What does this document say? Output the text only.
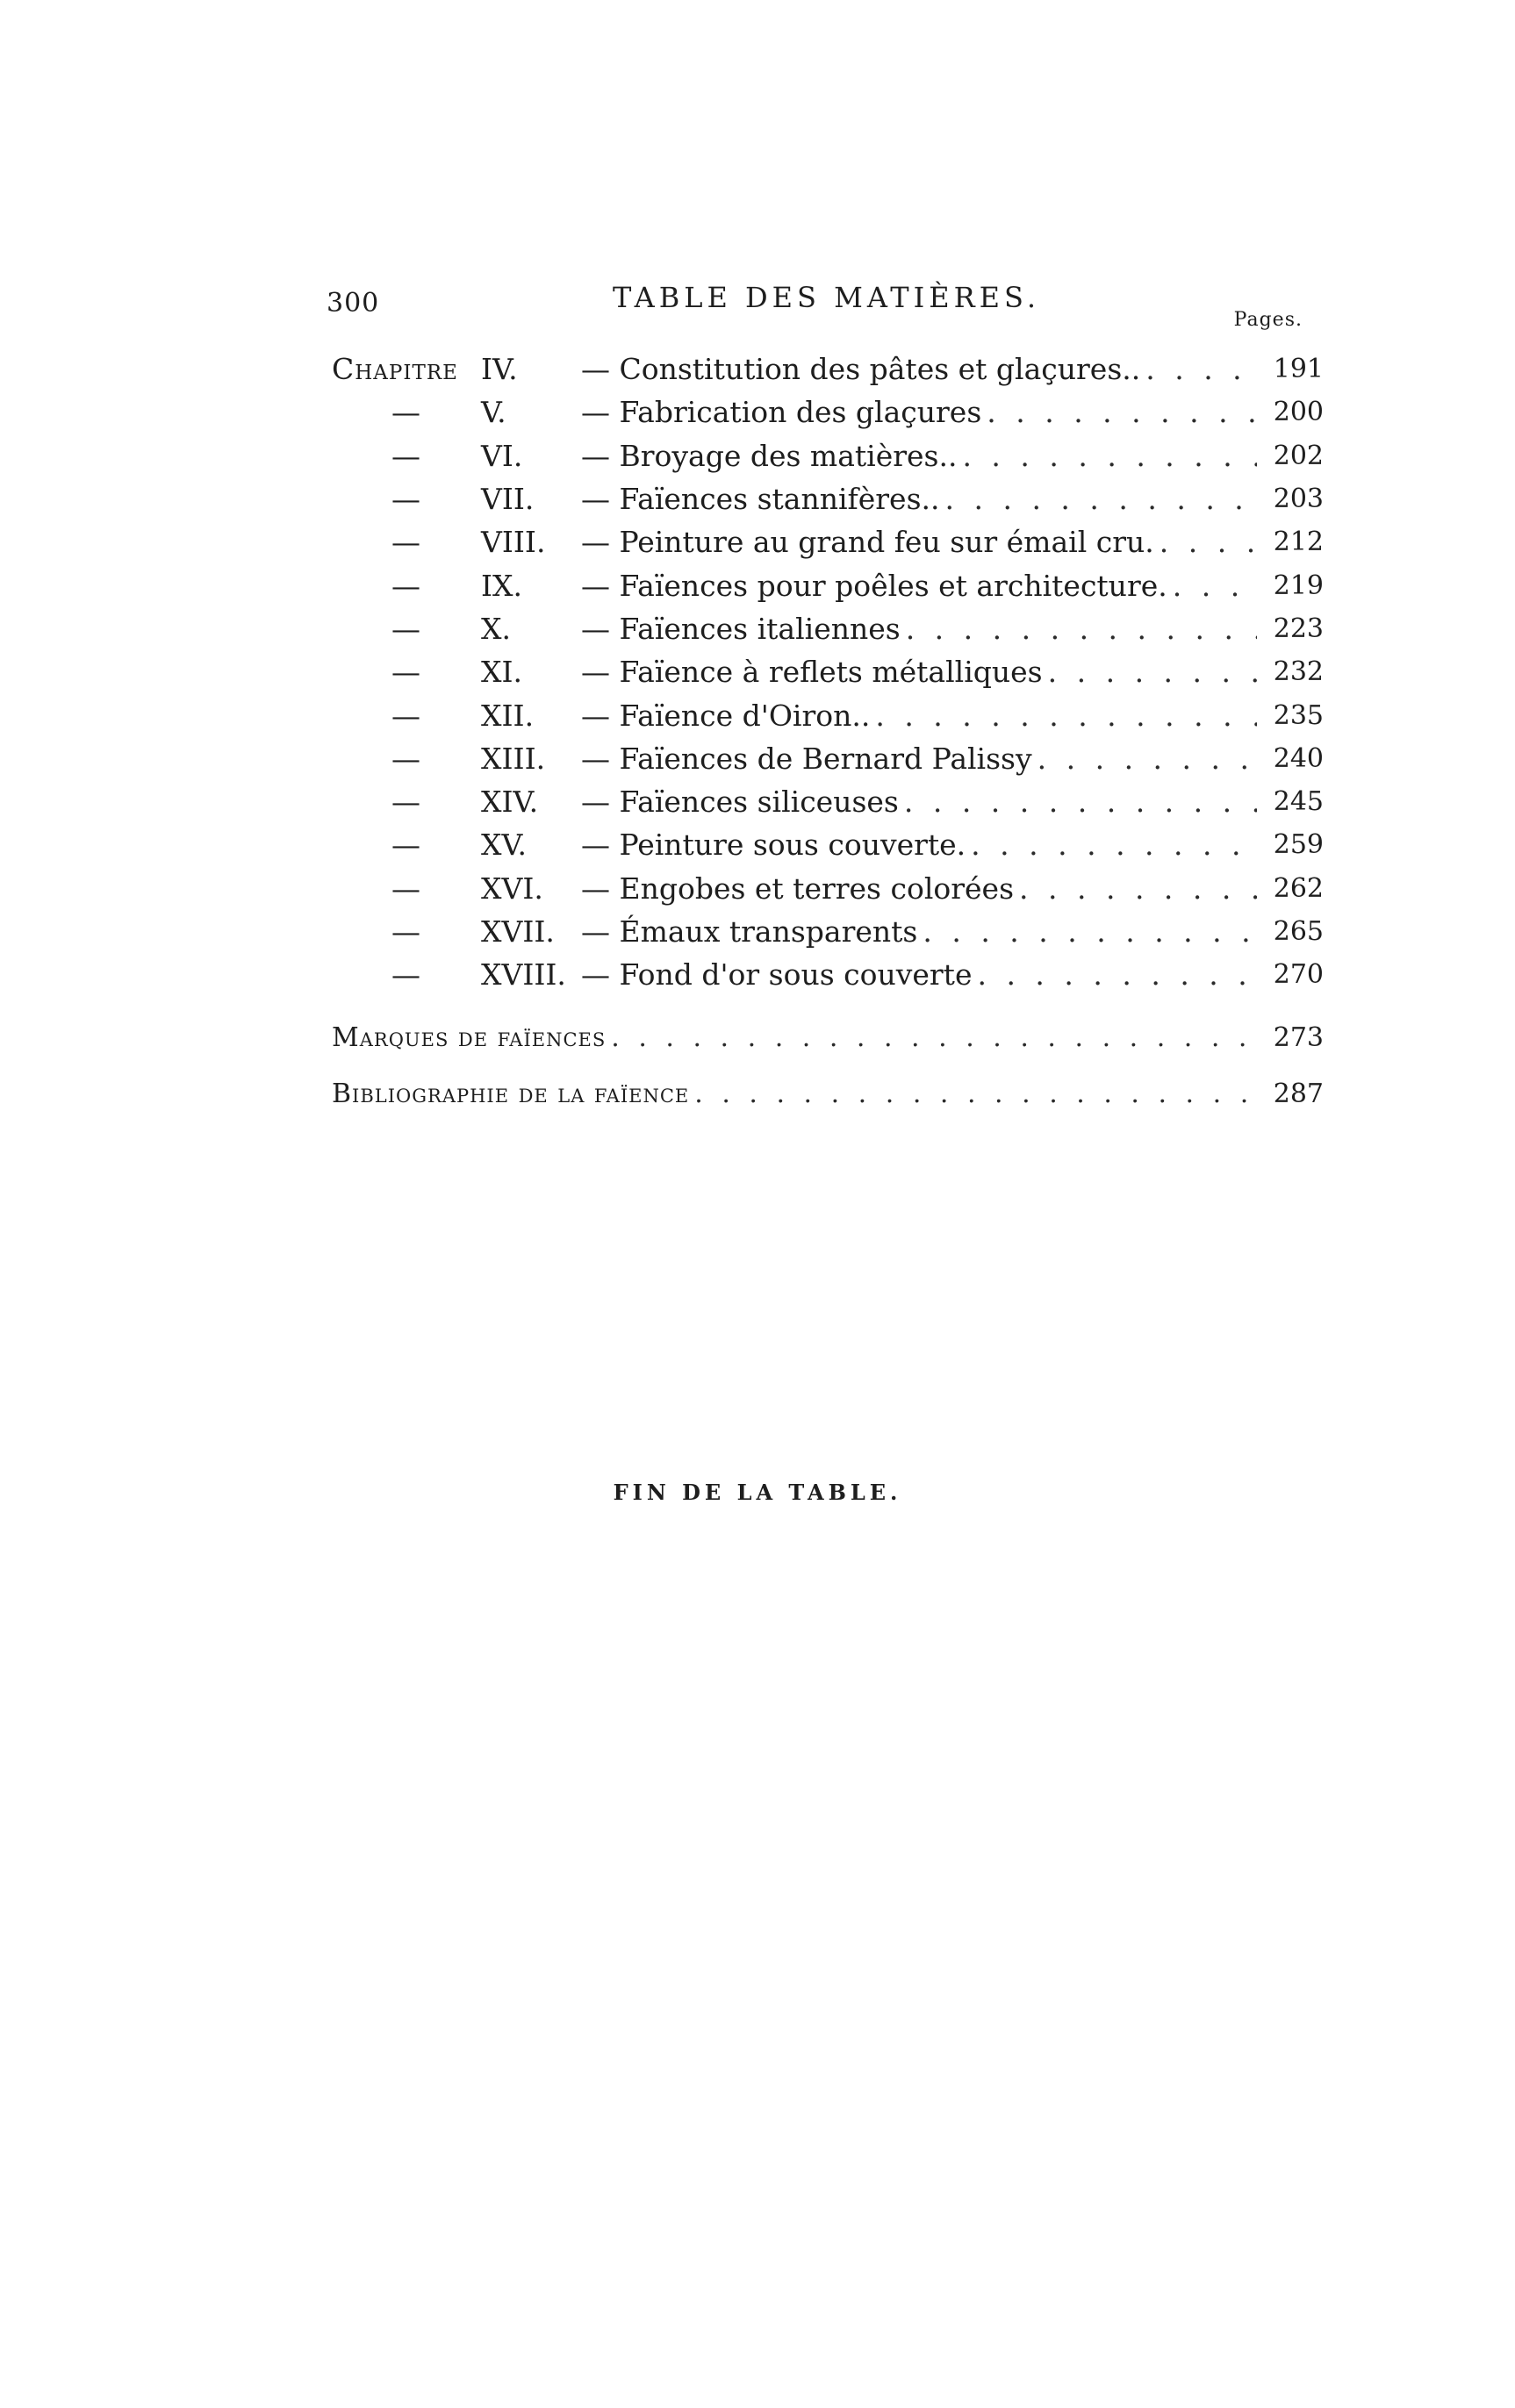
300	TABLE DES MATIÈRES.
Pages.
Chapitre IV.	— Constitution des pâtes et glaçures.. . . .	191
—	V.	— Fabrication des glaçures . . .	200
—	VI.	— Broyage des matières.. . . .	202
—	VII.	— Faïences stannifères.. . . .	203
—	VIII.	— Peinture au grand feu sur émail cru. . . .	212
—	IX.	— Faïences pour poêles et architecture. . . .	219
—	X.	— Faïences italiennes . . .	223
—	XI.	— Faïence à reflets métalliques . . .	232
—	XII.	— Faïence d'Oiron.. . . .	235
—	XIII.	— Faïences de Bernard Palissy . . .	240
—	XIV.	— Faïences siliceuses . . .	245
—	XV.	— Peinture sous couverte. . . .	259
—	XVI.	— Engobes et terres colorées . . .	262
—	XVII. — Émaux transparents . . .	265
—	XVIII. — Fond d'or sous couverte . . .	270
Marques de faïences . . .	273
Bibliographie de la faïence . . .	287
FIN DE LA TABLE.
